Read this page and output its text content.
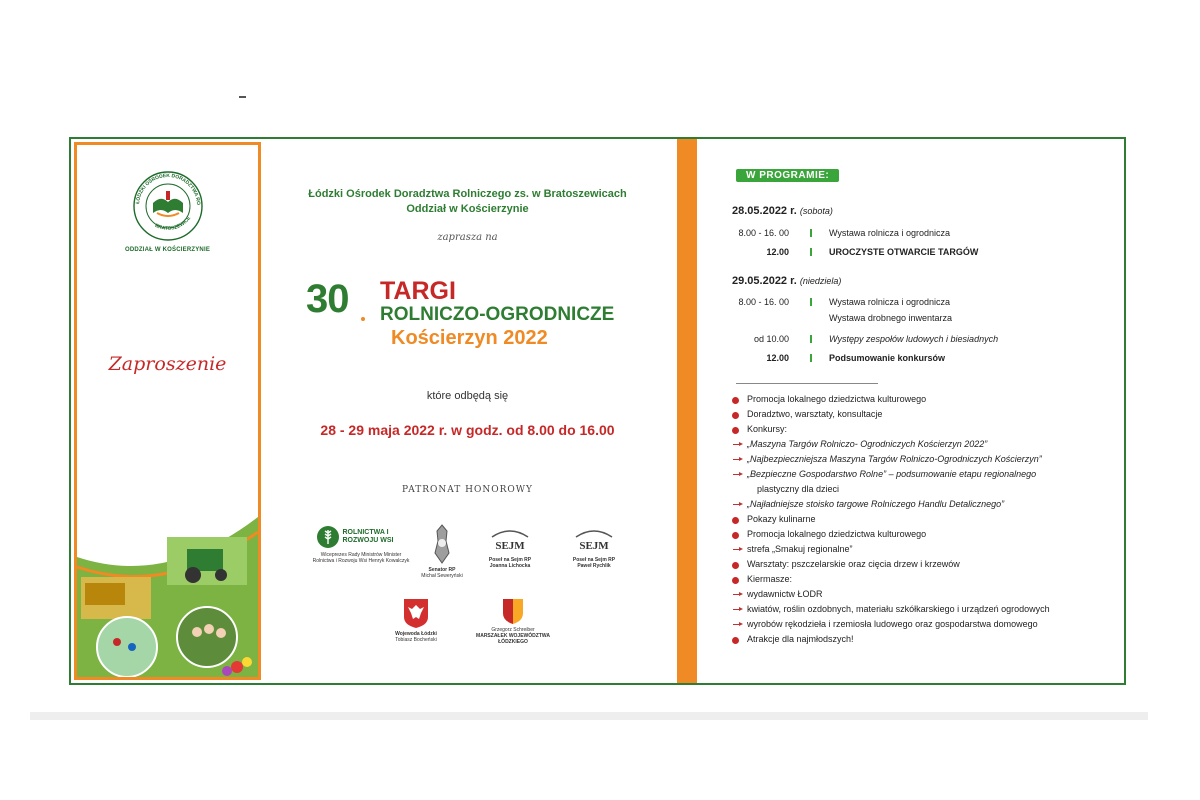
ŁÓDZKI OŚRODEK DORADZTWA RO
BRATOSZEWICE
ODDZIAŁ W KOŚCIERZYNIE
Zaproszenie
Łódzki Ośrodek Doradztwa Rolniczego zs. w Bratoszewicach
Oddział w Kościerzynie
zaprasza na
30 TARGI
ROLNICZO-OGRODNICZE
Kościerzyn 2022
które odbędą się
28 - 29 maja 2022 r. w godz. od 8.00 do 16.00
PATRONAT HONOROWY
ROLNICTWA I ROZWOJU WSI
Wiceprezes Rady Ministrów Minister Rolnictwa i Rozwoju Wsi Henryk Kowalczyk
Senator RP
Michał Seweryński
SEJM
Poseł na Sejm RP
Joanna Lichocka
SEJM
Poseł na Sejm RP
Paweł Rychlik
Wojewoda Łódzki
Tobiasz Bocheński
Grzegorz Schreiber
MARSZAŁEK WOJEWÓDZTWA ŁÓDZKIEGO
W PROGRAMIE:
28.05.2022 r. (sobota)
8.00 - 16. 00	Wystawa rolnicza i ogrodnicza
12.00	UROCZYSTE OTWARCIE TARGÓW
29.05.2022 r. (niedziela)
8.00 - 16. 00	Wystawa rolnicza i ogrodnicza
Wystawa drobnego inwentarza
od 10.00	Występy zespołów ludowych i biesiadnych
12.00	Podsumowanie konkursów
Promocja lokalnego dziedzictwa kulturowego
Doradztwo, warsztaty, konsultacje
Konkursy:
„Maszyna Targów Rolniczo- Ogrodniczych Kościerzyn 2022”
„Najbezpieczniejsza Maszyna Targów Rolniczo-Ogrodniczych Kościerzyn”
„Bezpieczne Gospodarstwo Rolne” – podsumowanie etapu regionalnego
plastyczny dla dzieci
„Najładniejsze stoisko targowe Rolniczego Handlu Detalicznego”
Pokazy kulinarne
Promocja lokalnego dziedzictwa kulturowego
strefa „Smakuj regionalne”
Warsztaty: pszczelarskie oraz cięcia drzew i krzewów
Kiermasze:
wydawnictw ŁODR
kwiatów, roślin ozdobnych, materiału szkółkarskiego i urządzeń ogrodowych
wyrobów rękodzieła i rzemiosła ludowego oraz gospodarstwa domowego
Atrakcje dla najmłodszych!
